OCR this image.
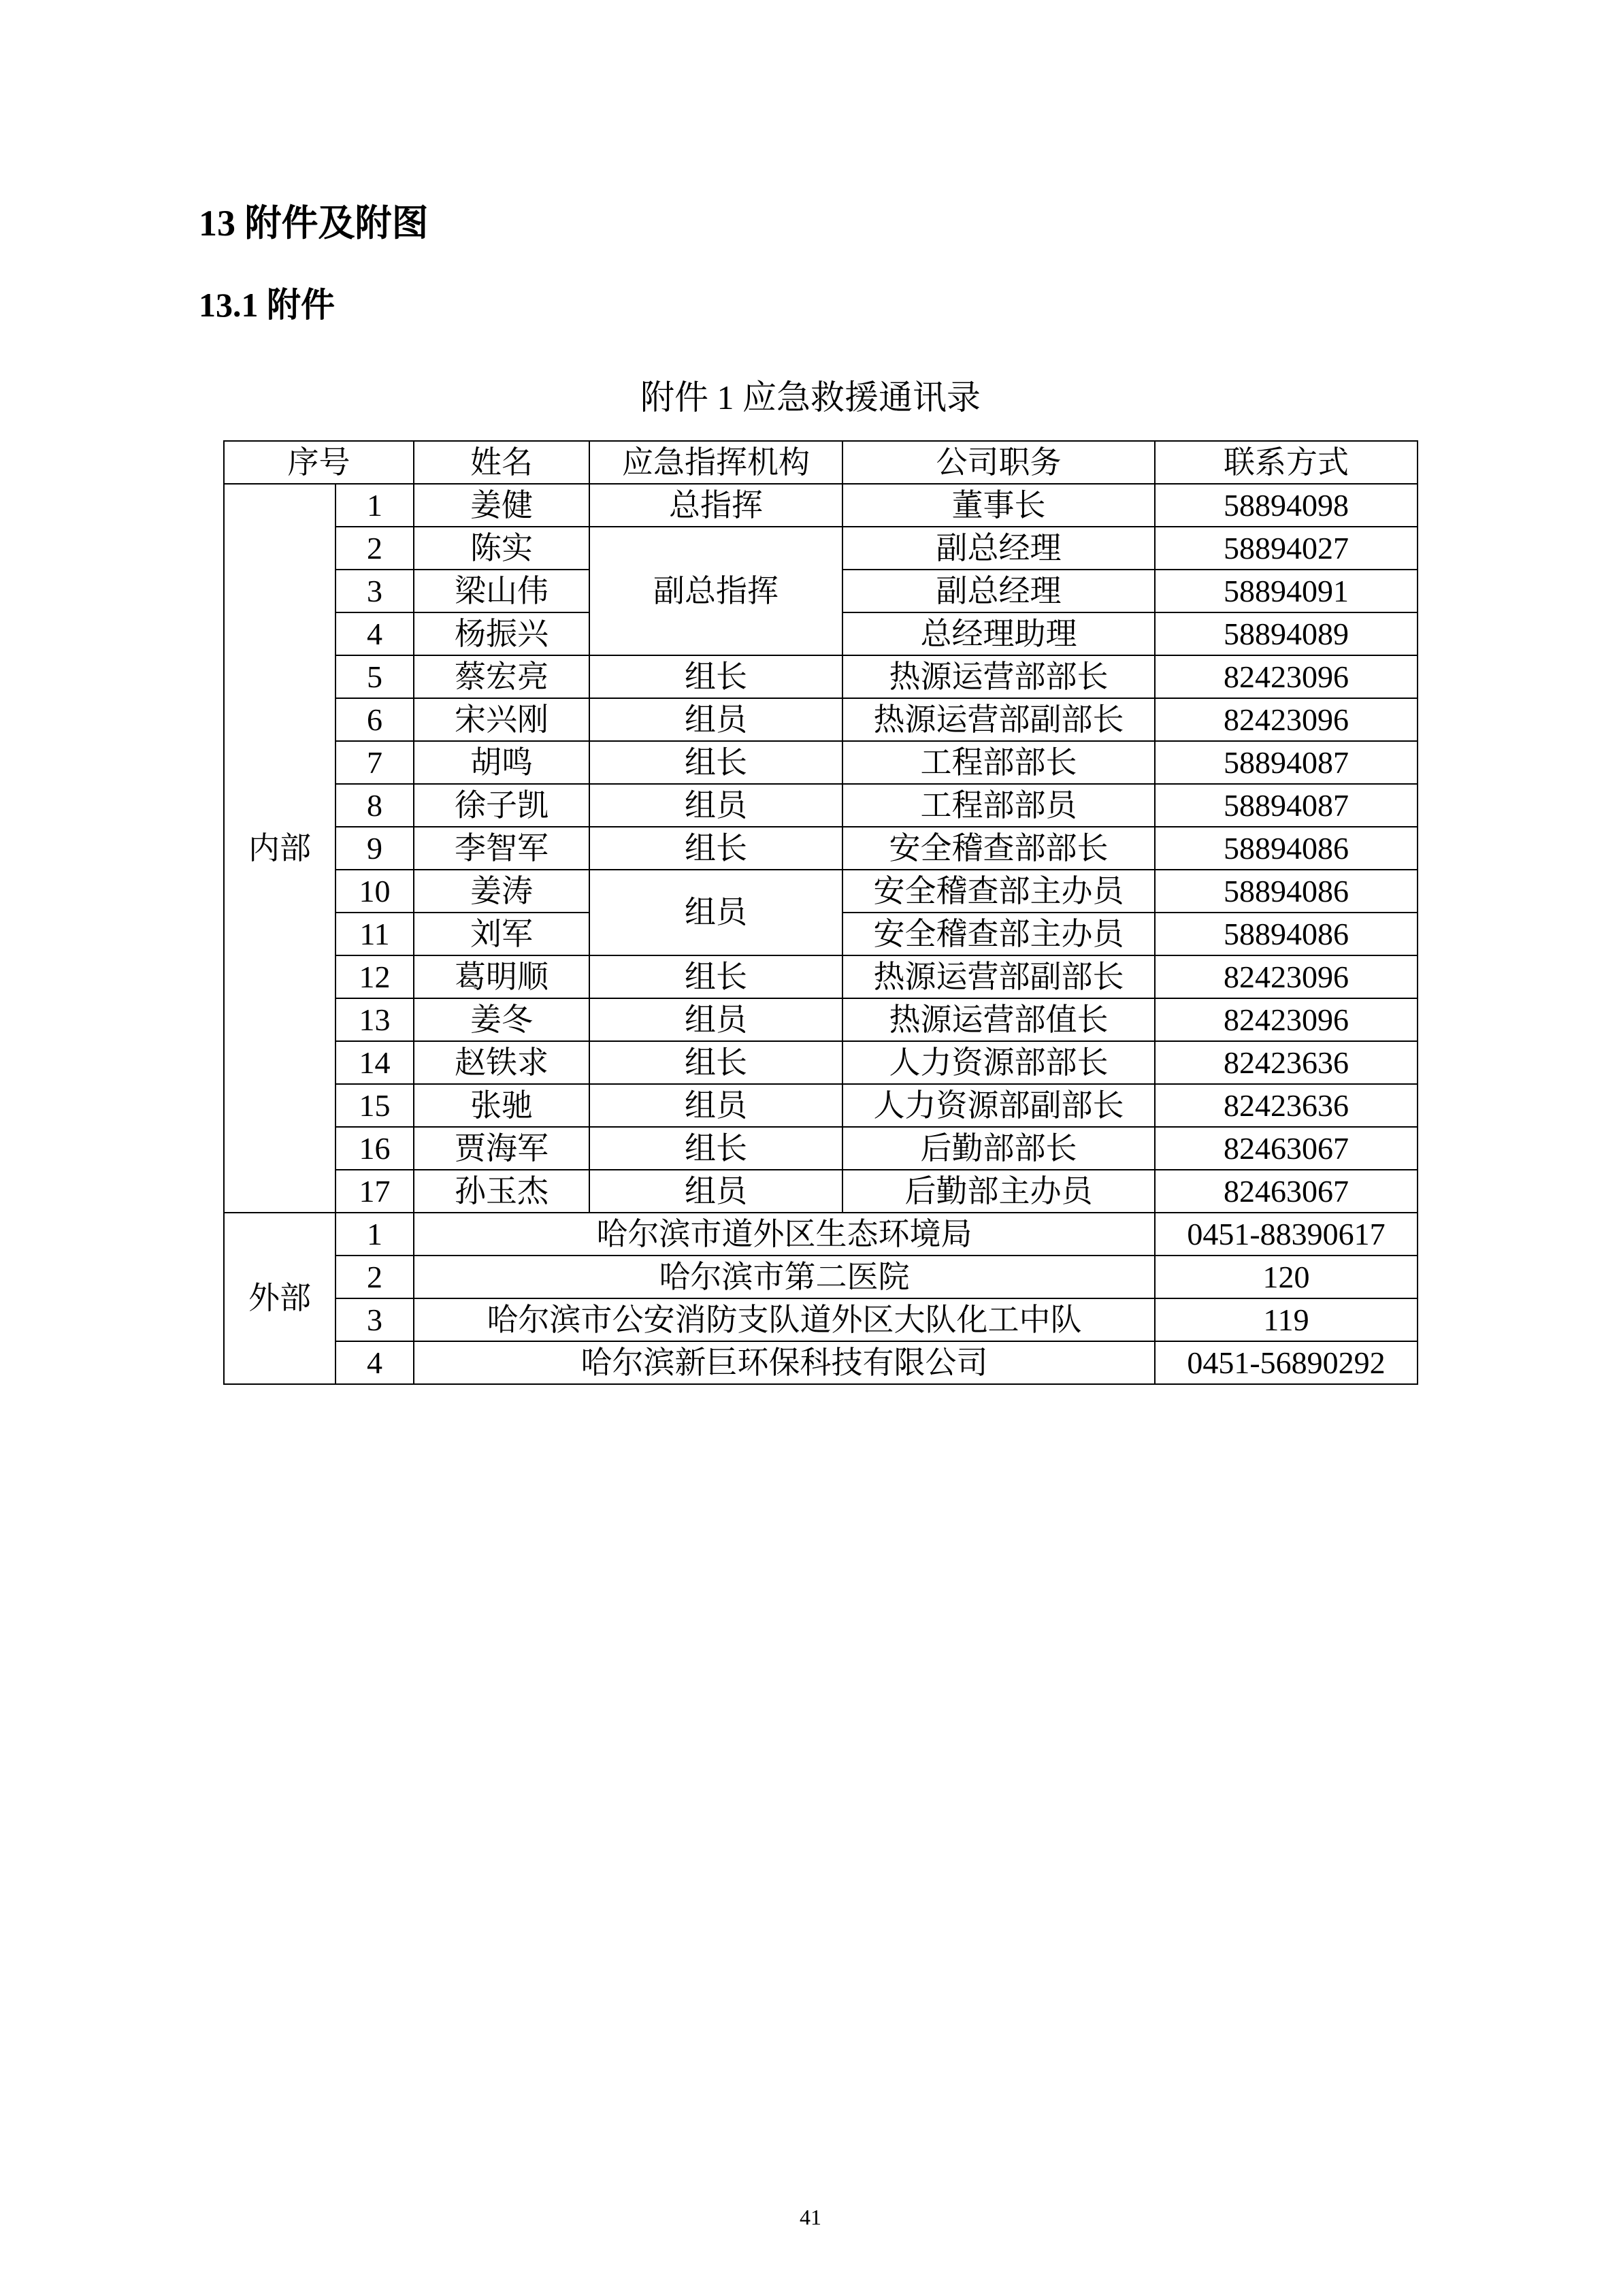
13 附件及附图
13.1 附件
附件 1 应急救援通讯录
序号		姓名	应急指挥机构	公司职务	联系方式
内部	1	姜健	总指挥	董事长	58894098
	2	陈实	副总指挥	副总经理	58894027
	3	梁山伟		副总经理	58894091
	4	杨振兴		总经理助理	58894089
	5	蔡宏亮	组长	热源运营部部长	82423096
	6	宋兴刚	组员	热源运营部副部长	82423096
	7	胡鸣	组长	工程部部长	58894087
	8	徐子凯	组员	工程部部员	58894087
	9	李智军	组长	安全稽查部部长	58894086
	10	姜涛	组员	安全稽查部主办员	58894086
	11	刘军		安全稽查部主办员	58894086
	12	葛明顺	组长	热源运营部副部长	82423096
	13	姜冬	组员	热源运营部值长	82423096
	14	赵铁求	组长	人力资源部部长	82423636
	15	张驰	组员	人力资源部副部长	82423636
	16	贾海军	组长	后勤部部长	82463067
	17	孙玉杰	组员	后勤部主办员	82463067
外部	1	哈尔滨市道外区生态环境局			0451-88390617
	2	哈尔滨市第二医院			120
	3	哈尔滨市公安消防支队道外区大队化工中队			119
	4	哈尔滨新巨环保科技有限公司			0451-56890292
41
